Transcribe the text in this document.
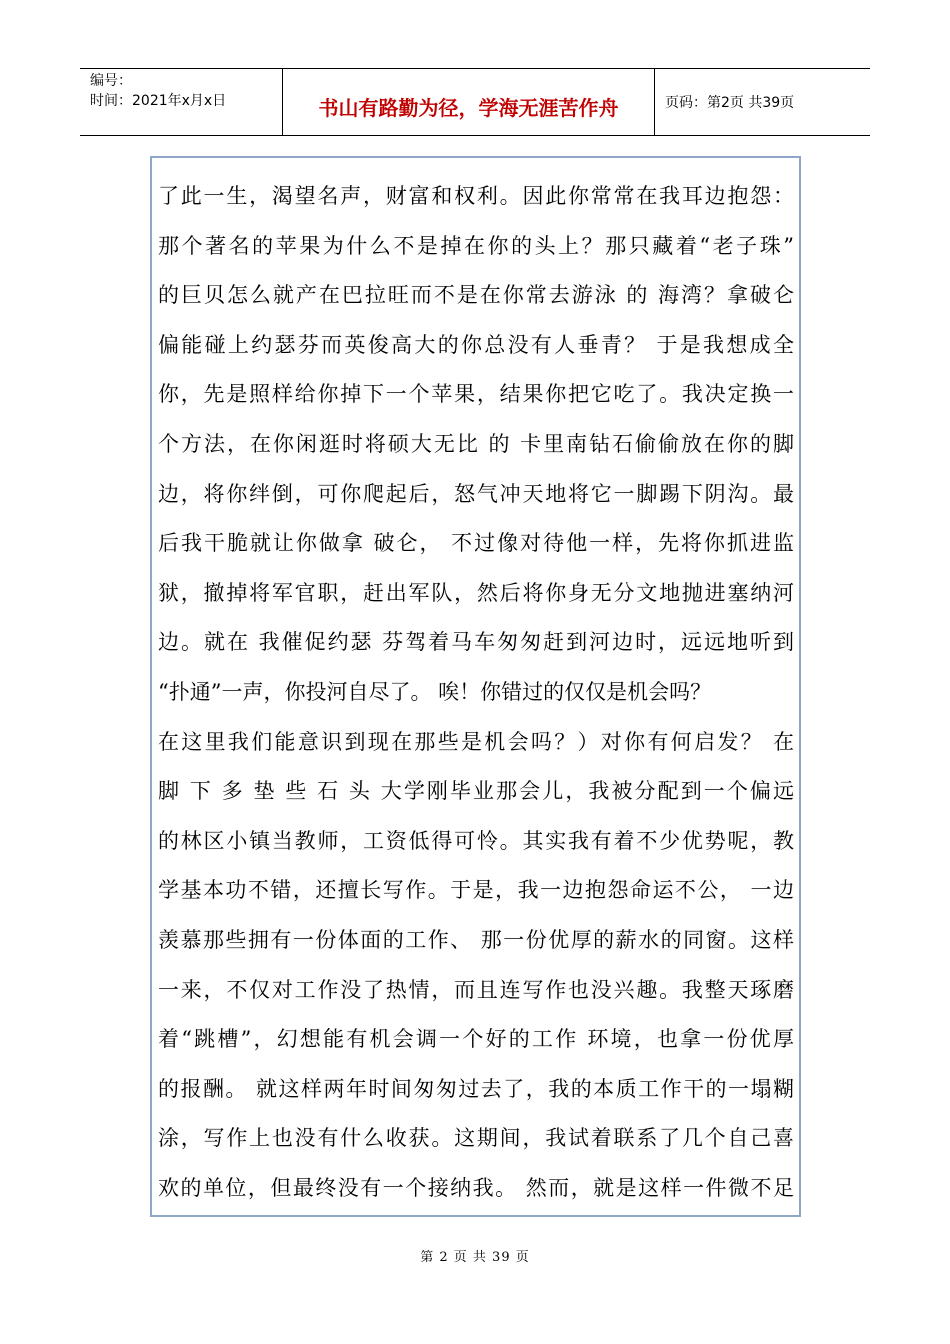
编号：
时间：2021年x月x日	书山有路勤为径，学海无涯苦作舟	页码：第2页 共39页
了此一生，渴望名声，财富和权利。因此你常常在我耳边抱怨：
那个著名的苹果为什么不是掉在你的头上？那只藏着“老子珠”
的巨贝怎么就产在巴拉旺而不是在你常去游泳 的 海湾？拿破仑
偏能碰上约瑟芬而英俊高大的你总没有人垂青？ 于是我想成全
你，先是照样给你掉下一个苹果，结果你把它吃了。我决定换一
个方法，在你闲逛时将硕大无比 的 卡里南钻石偷偷放在你的脚
边，将你绊倒，可你爬起后，怒气冲天地将它一脚踢下阴沟。最
后我干脆就让你做拿 破仑， 不过像对待他一样，先将你抓进监
狱，撤掉将军官职，赶出军队，然后将你身无分文地抛进塞纳河
边。就在 我催促约瑟 芬驾着马车匆匆赶到河边时，远远地听到
“扑通”一声，你投河自尽了。 唉！你错过的仅仅是机会吗？
在这里我们能意识到现在那些是机会吗？）对你有何启发？ 在
脚 下 多 垫 些 石 头 大学刚毕业那会儿，我被分配到一个偏远
的林区小镇当教师，工资低得可怜。其实我有着不少优势呢，教
学基本功不错，还擅长写作。于是，我一边抱怨命运不公， 一边
羡慕那些拥有一份体面的工作、 那一份优厚的薪水的同窗。这样
一来，不仅对工作没了热情，而且连写作也没兴趣。我整天琢磨
着“跳槽”，幻想能有机会调一个好的工作 环境，也拿一份优厚
的报酬。 就这样两年时间匆匆过去了，我的本质工作干的一塌糊
涂，写作上也没有什么收获。这期间，我试着联系了几个自己喜
欢的单位，但最终没有一个接纳我。 然而，就是这样一件微不足
第 2 页 共 39 页
